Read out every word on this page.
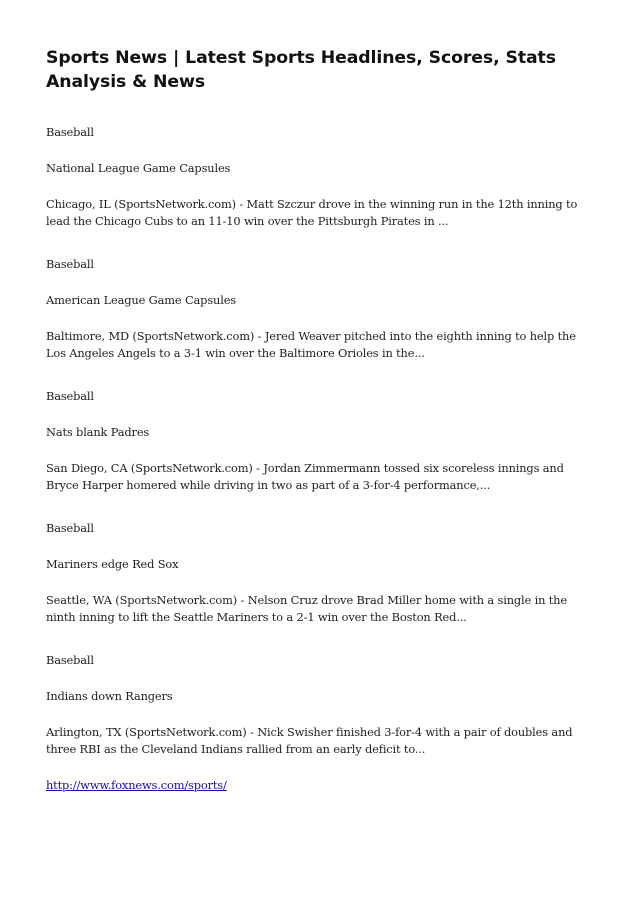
Sports News | Latest Sports Headlines, Scores, Stats Analysis & News

Baseball

National League Game Capsules

Chicago, IL (SportsNetwork.com) - Matt Szczur drove in the winning run in the 12th inning to lead the Chicago Cubs to an 11-10 win over the Pittsburgh Pirates in ...

Baseball

American League Game Capsules

Baltimore, MD (SportsNetwork.com) - Jered Weaver pitched into the eighth inning to help the Los Angeles Angels to a 3-1 win over the Baltimore Orioles in the...

Baseball

Nats blank Padres

San Diego, CA (SportsNetwork.com) - Jordan Zimmermann tossed six scoreless innings and Bryce Harper homered while driving in two as part of a 3-for-4 performance,...

Baseball

Mariners edge Red Sox

Seattle, WA (SportsNetwork.com) - Nelson Cruz drove Brad Miller home with a single in the ninth inning to lift the Seattle Mariners to a 2-1 win over the Boston Red...

Baseball

Indians down Rangers

Arlington, TX (SportsNetwork.com) - Nick Swisher finished 3-for-4 with a pair of doubles and three RBI as the Cleveland Indians rallied from an early deficit to...

http://www.foxnews.com/sports/
